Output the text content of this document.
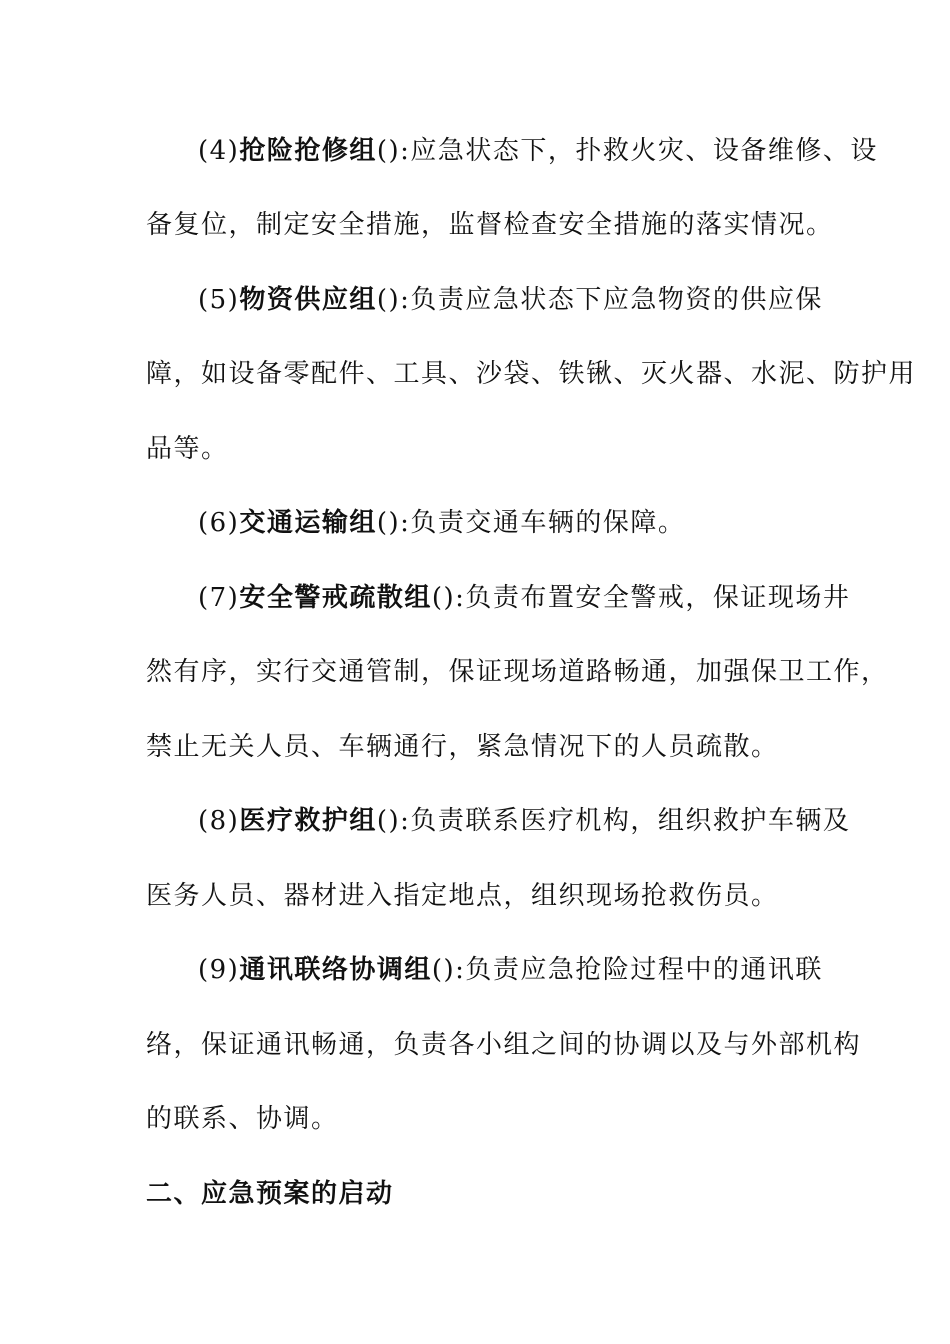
(4)抢险抢修组():应急状态下，扑救火灾、设备维修、设
备复位，制定安全措施，监督检查安全措施的落实情况。
(5)物资供应组():负责应急状态下应急物资的供应保
障，如设备零配件、工具、沙袋、铁锹、灭火器、水泥、防护用
品等。
(6)交通运输组():负责交通车辆的保障。
(7)安全警戒疏散组():负责布置安全警戒，保证现场井
然有序，实行交通管制，保证现场道路畅通，加强保卫工作，
禁止无关人员、车辆通行，紧急情况下的人员疏散。
(8)医疗救护组():负责联系医疗机构，组织救护车辆及
医务人员、器材进入指定地点，组织现场抢救伤员。
(9)通讯联络协调组():负责应急抢险过程中的通讯联
络，保证通讯畅通，负责各小组之间的协调以及与外部机构
的联系、协调。
二、应急预案的启动
